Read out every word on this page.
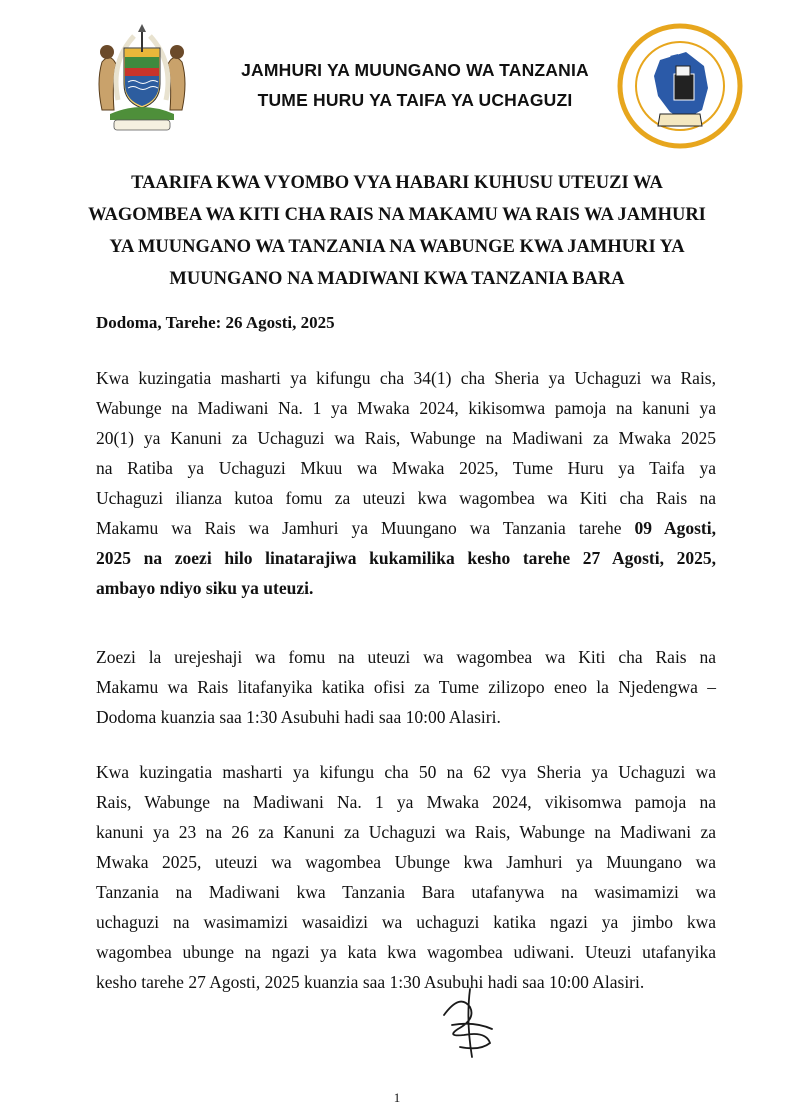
JAMHURI YA MUUNGANO WA TANZANIA
TUME HURU YA TAIFA YA UCHAGUZI
TAARIFA KWA VYOMBO VYA HABARI KUHUSU UTEUZI WA
WAGOMBEA WA KITI CHA RAIS NA MAKAMU WA RAIS WA JAMHURI
YA MUUNGANO WA TANZANIA NA WABUNGE KWA JAMHURI YA
MUUNGANO NA MADIWANI KWA TANZANIA BARA
Dodoma, Tarehe: 26 Agosti, 2025
Kwa kuzingatia masharti ya kifungu cha 34(1) cha Sheria ya Uchaguzi wa Rais,
Wabunge na Madiwani Na. 1 ya Mwaka 2024, kikisomwa pamoja na kanuni ya
20(1) ya Kanuni za Uchaguzi wa Rais, Wabunge na Madiwani za Mwaka 2025
na Ratiba ya Uchaguzi Mkuu wa Mwaka 2025, Tume Huru ya Taifa ya
Uchaguzi ilianza kutoa fomu za uteuzi kwa wagombea wa Kiti cha Rais na
Makamu wa Rais wa Jamhuri ya Muungano wa Tanzania tarehe 09 Agosti,
2025 na zoezi hilo linatarajiwa kukamilika kesho tarehe 27 Agosti, 2025,
ambayo ndiyo siku ya uteuzi.
Zoezi la urejeshaji wa fomu na uteuzi wa wagombea wa Kiti cha Rais na
Makamu wa Rais litafanyika katika ofisi za Tume zilizopo eneo la Njedengwa –
Dodoma kuanzia saa 1:30 Asubuhi hadi saa 10:00 Alasiri.
Kwa kuzingatia masharti ya kifungu cha 50 na 62 vya Sheria ya Uchaguzi wa
Rais, Wabunge na Madiwani Na. 1 ya Mwaka 2024, vikisomwa pamoja na
kanuni ya 23 na 26 za Kanuni za Uchaguzi wa Rais, Wabunge na Madiwani za
Mwaka 2025, uteuzi wa wagombea Ubunge kwa Jamhuri ya Muungano wa
Tanzania na Madiwani kwa Tanzania Bara utafanywa na wasimamizi wa
uchaguzi na wasimamizi wasaidizi wa uchaguzi katika ngazi ya jimbo kwa
wagombea ubunge na ngazi ya kata kwa wagombea udiwani. Uteuzi utafanyika
kesho tarehe 27 Agosti, 2025 kuanzia saa 1:30 Asubuhi hadi saa 10:00 Alasiri.
1
